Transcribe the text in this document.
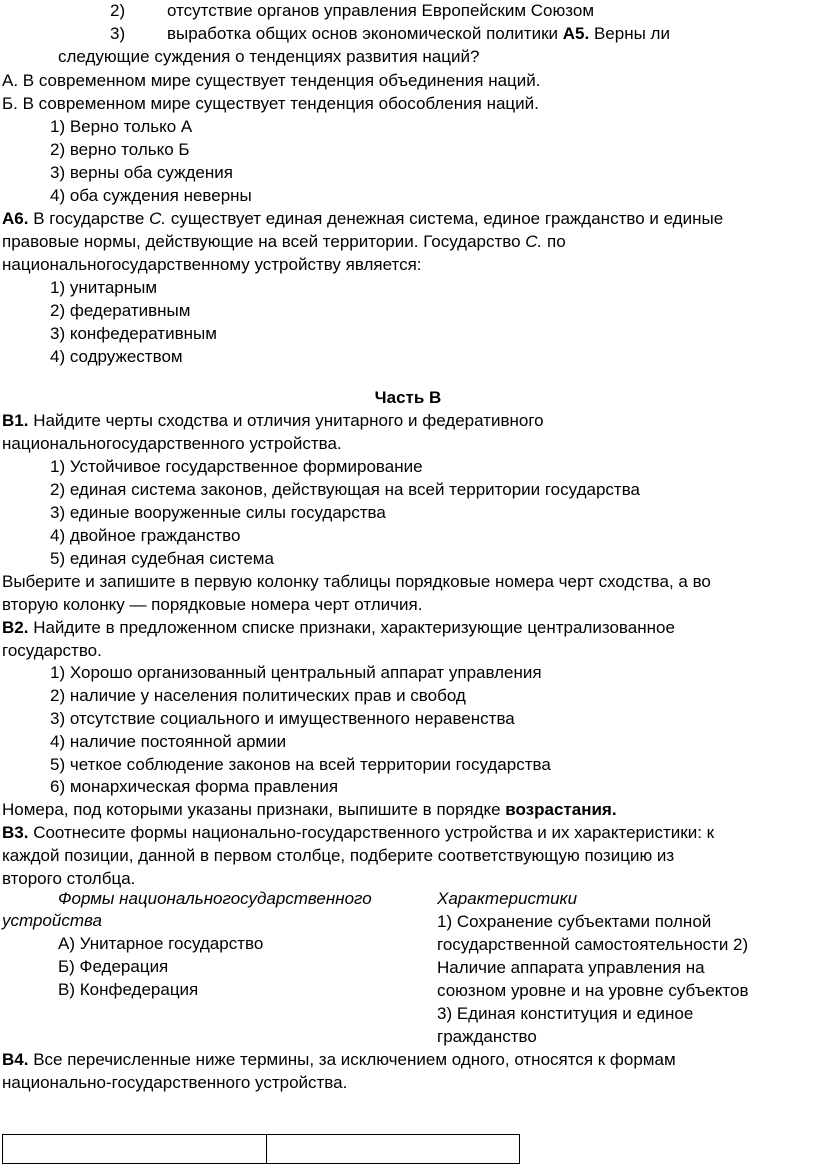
2) отсутствие органов управления Европейским Союзом
3) выработка общих основ экономической политики А5. Верны ли
следующие суждения о тенденциях развития наций?
А. В современном мире существует тенденция объединения наций.
Б. В современном мире существует тенденция обособления наций.
1) Верно только А
2) верно только Б
3) верны оба суждения
4) оба суждения неверны
А6. В государстве С. существует единая денежная система, единое гражданство и единые
правовые нормы, действующие на всей территории. Государство С. по
национальногосударственному устройству является:
1) унитарным
2) федеративным
3) конфедеративным
4) содружеством
Часть В
В1. Найдите черты сходства и отличия унитарного и федеративного
национальногосударственного устройства.
1) Устойчивое государственное формирование
2) единая система законов, действующая на всей территории государства
3) единые вооруженные силы государства
4) двойное гражданство
5) единая судебная система
Выберите и запишите в первую колонку таблицы порядковые номера черт сходства, а во
вторую колонку — порядковые номера черт отличия.
В2. Найдите в предложенном списке признаки, характеризующие централизованное
государство.
1) Хорошо организованный центральный аппарат управления
2) наличие у населения политических прав и свобод
3) отсутствие социального и имущественного неравенства
4) наличие постоянной армии
5) четкое соблюдение законов на всей территории государства
6) монархическая форма правления
Номера, под которыми указаны признаки, выпишите в порядке возрастания.
В3. Соотнесите формы национально-государственного устройства и их характеристики: к
каждой позиции, данной в первом столбце, подберите соответствующую позицию из
второго столбца.
Формы национальногосударственного
устройства
А) Унитарное государство
Б) Федерация
В) Конфедерация
Характеристики
1) Сохранение субъектами полной
государственной самостоятельности 2)
Наличие аппарата управления на
союзном уровне и на уровне субъектов
3) Единая конституция и единое
гражданство
В4. Все перечисленные ниже термины, за исключением одного, относятся к формам
национально-государственного устройства.
